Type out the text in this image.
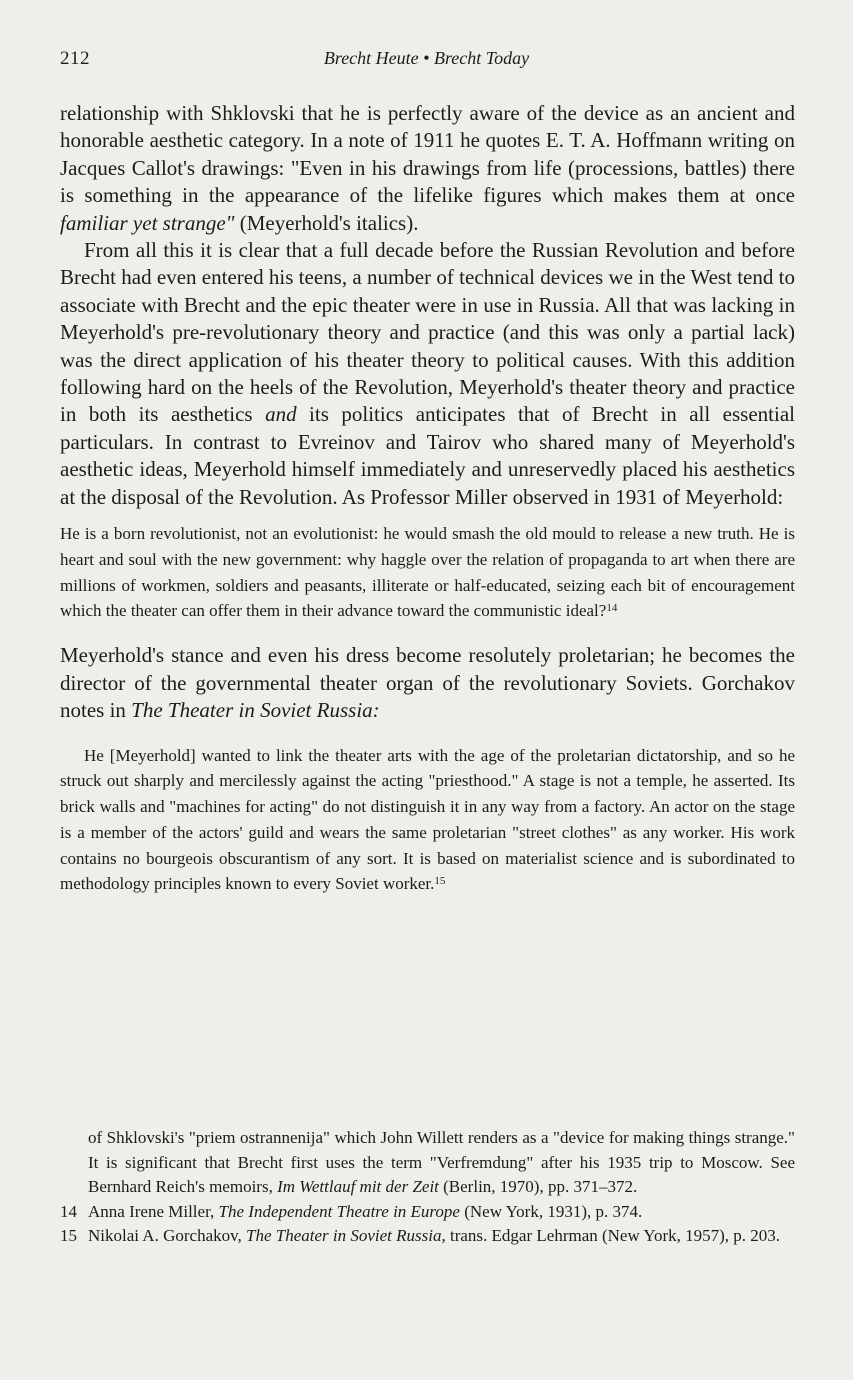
212	Brecht Heute • Brecht Today

relationship with Shklovski that he is perfectly aware of the device as an ancient and honorable aesthetic category. In a note of 1911 he quotes E. T. A. Hoffmann writing on Jacques Callot's drawings: "Even in his drawings from life (processions, battles) there is something in the appearance of the lifelike figures which makes them at once familiar yet strange" (Meyerhold's italics).

From all this it is clear that a full decade before the Russian Revolution and before Brecht had even entered his teens, a number of technical devices we in the West tend to associate with Brecht and the epic theater were in use in Russia. All that was lacking in Meyerhold's pre-revolutionary theory and practice (and this was only a partial lack) was the direct application of his theater theory to political causes. With this addition following hard on the heels of the Revolution, Meyerhold's theater theory and practice in both its aesthetics and its politics anticipates that of Brecht in all essential particulars. In contrast to Evreinov and Tairov who shared many of Meyerhold's aesthetic ideas, Meyerhold himself immediately and unreservedly placed his aesthetics at the disposal of the Revolution. As Professor Miller observed in 1931 of Meyerhold:

He is a born revolutionist, not an evolutionist: he would smash the old mould to release a new truth. He is heart and soul with the new government: why haggle over the relation of propaganda to art when there are millions of workmen, soldiers and peasants, illiterate or half-educated, seizing each bit of encouragement which the theater can offer them in their advance toward the communistic ideal?$^{14}$

Meyerhold's stance and even his dress become resolutely proletarian; he becomes the director of the governmental theater organ of the revolutionary Soviets. Gorchakov notes in The Theater in Soviet Russia:

He [Meyerhold] wanted to link the theater arts with the age of the proletarian dictatorship, and so he struck out sharply and mercilessly against the acting "priesthood." A stage is not a temple, he asserted. Its brick walls and "machines for acting" do not distinguish it in any way from a factory. An actor on the stage is a member of the actors' guild and wears the same proletarian "street clothes" as any worker. His work contains no bourgeois obscurantism of any sort. It is based on materialist science and is subordinated to methodology principles known to every Soviet worker.$^{15}$

of Shklovski's "priem ostrannenija" which John Willett renders as a "device for making things strange." It is significant that Brecht first uses the term "Verfremdung" after his 1935 trip to Moscow. See Bernhard Reich's memoirs, Im Wettlauf mit der Zeit (Berlin, 1970), pp. 371–372.

14 Anna Irene Miller, The Independent Theatre in Europe (New York, 1931), p. 374.
15 Nikolai A. Gorchakov, The Theater in Soviet Russia, trans. Edgar Lehrman (New York, 1957), p. 203.
